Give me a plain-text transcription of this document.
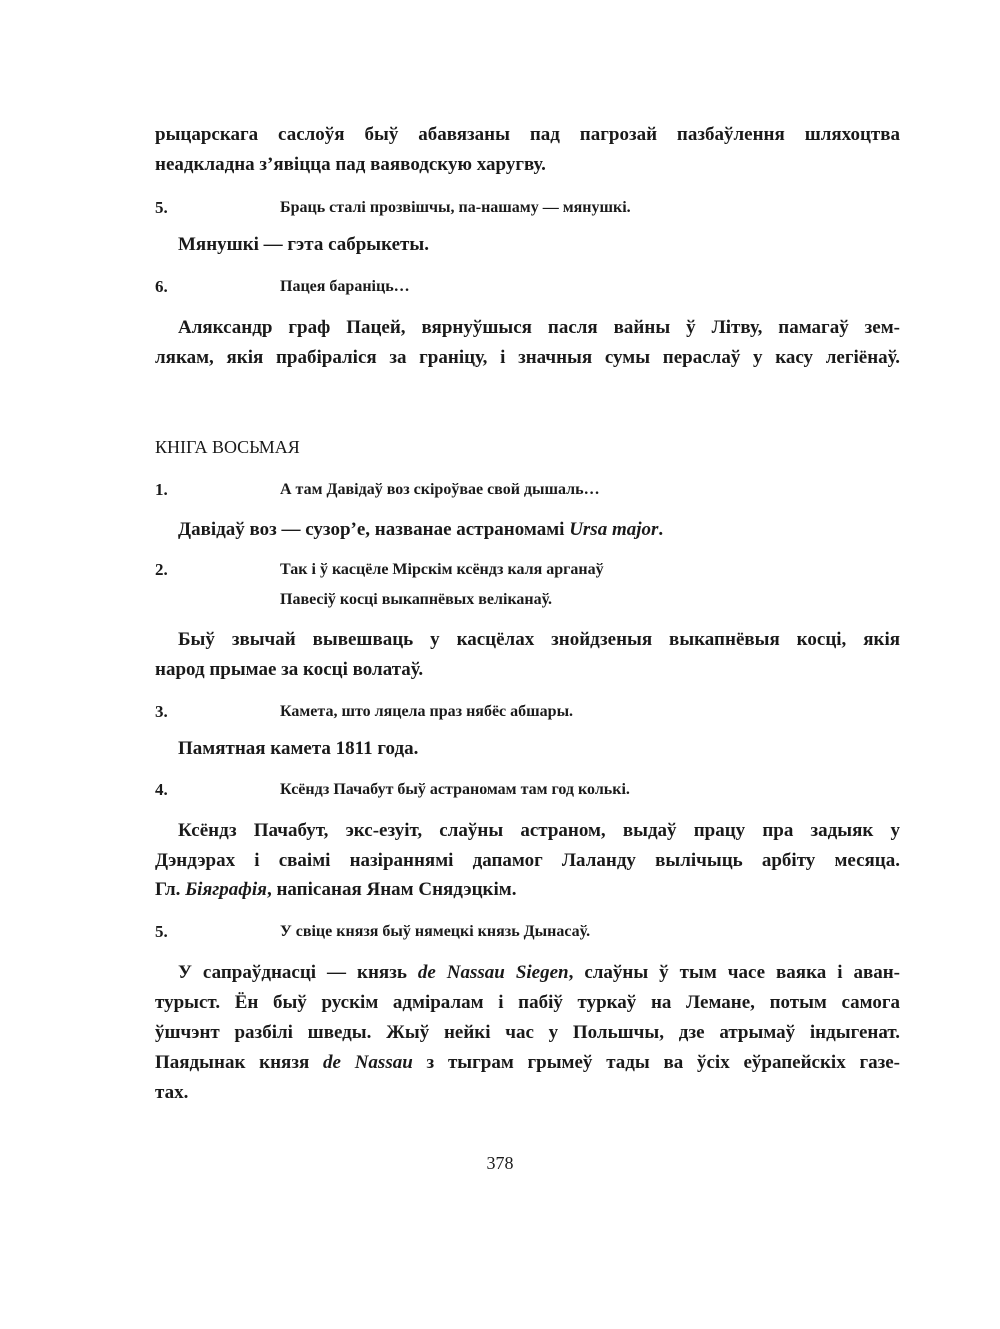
рыцарскага саслоўя быў абавязаны пад пагрозай пазбаўлення шляхоцтва
неадкладна з’явіцца пад ваяводскую харугву.
5.	Браць сталі прозвішчы, па-нашаму — мянушкі.
Мянушкі — гэта сабрыкеты.
6.	Пацея бараніць…
Аляксандр граф Пацей, вярнуўшыся пасля вайны ў Літву, памагаў зем-
лякам, якія прабіраліся за граніцу, і значныя сумы пераслаў у касу легіёнаў.
КНІГА ВОСЬМАЯ
1.	А там Давідаў воз скіроўвае свой дышаль…
Давідаў воз — сузор’е, названае астраномамі Ursa major.
2.	Так і ў касцёле Мірскім ксёндз каля арганаў
Павесіў косці выкапнёвых веліканаў.
Быў звычай вывешваць у касцёлах знойдзеныя выкапнёвыя косці, якія
народ прымае за косці волатаў.
3.	Камета, што ляцела праз нябёс абшары.
Памятная камета 1811 года.
4.	Ксёндз Пачабут быў астраномам там год колькі.
Ксёндз Пачабут, экс-езуіт, слаўны астраном, выдаў працу пра задыяк у
Дэндэрах і сваімі назіраннямі дапамог Лаланду вылічыць арбіту месяца.
Гл. Біяграфія, напісаная Янам Снядэцкім.
5.	У свіце князя быў нямецкі князь Дынасаў.
У сапраўднасці — князь de Nassau Siegen, слаўны ў тым часе ваяка і аван-
турыст. Ён быў рускім адміралам і пабіў туркаў на Лемане, потым самога
ўшчэнт разбілі шведы. Жыў нейкі час у Польшчы, дзе атрымаў індыгенат.
Паядынак князя de Nassau з тыграм грымеў тады ва ўсіх еўрапейскіх газе-
тах.
378
